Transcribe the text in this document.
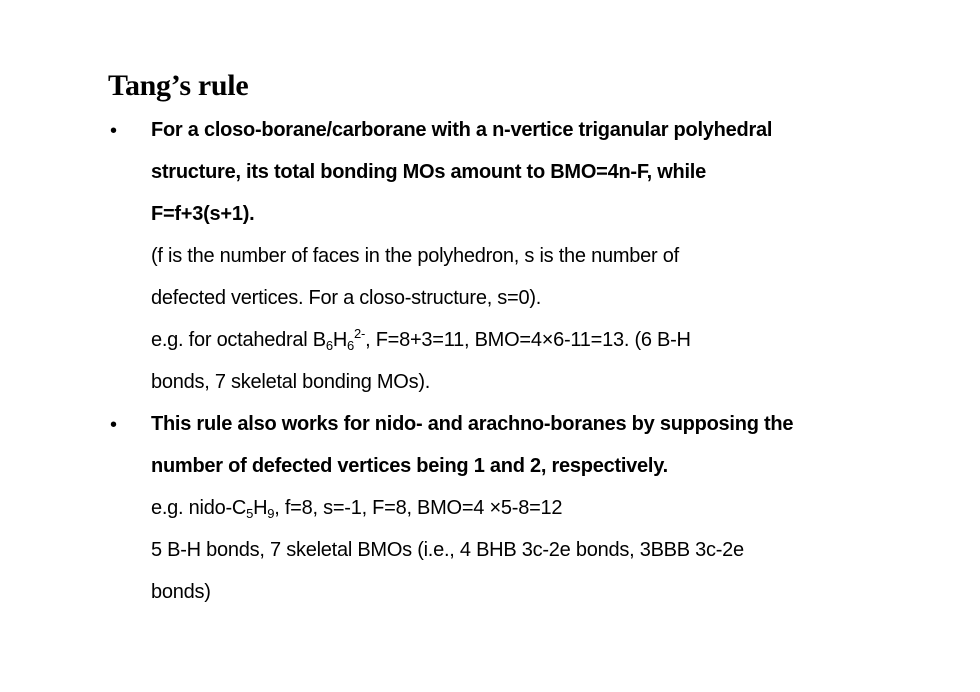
Tang’s rule
• For a closo-borane/carborane with a n-vertice triganular polyhedral
structure, its total bonding MOs amount to BMO=4n-F, while
F=f+3(s+1).
(f is the number of faces in the polyhedron, s is the number of
defected vertices. For a closo-structure, s=0).
e.g. for octahedral $B_6H_6^{2-}$, F=8+3=11, BMO=4×6-11=13. (6 B-H
bonds, 7 skeletal bonding MOs).
• This rule also works for nido- and arachno-boranes by supposing the
number of defected vertices being 1 and 2, respectively.
e.g. nido-$C_5H_9$, f=8, s=-1, F=8, BMO=4 ×5-8=12
5 B-H bonds, 7 skeletal BMOs (i.e., 4 BHB 3c-2e bonds, 3BBB 3c-2e
bonds)
